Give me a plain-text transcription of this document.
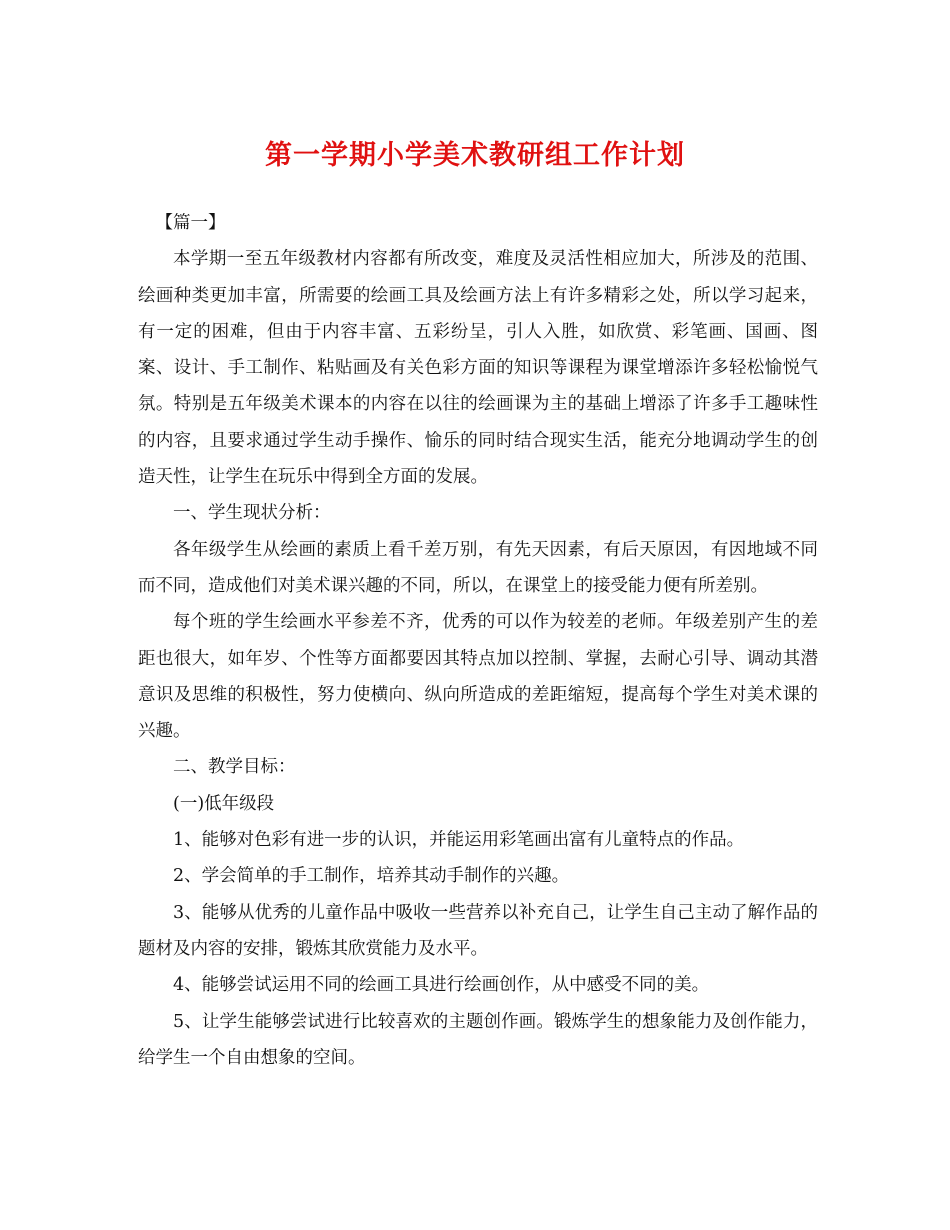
第一学期小学美术教研组工作计划

【篇一】

本学期一至五年级教材内容都有所改变，难度及灵活性相应加大，所涉及的范围、绘画种类更加丰富，所需要的绘画工具及绘画方法上有许多精彩之处，所以学习起来，有一定的困难，但由于内容丰富、五彩纷呈，引人入胜，如欣赏、彩笔画、国画、图案、设计、手工制作、粘贴画及有关色彩方面的知识等课程为课堂增添许多轻松愉悦气氛。特别是五年级美术课本的内容在以往的绘画课为主的基础上增添了许多手工趣味性的内容，且要求通过学生动手操作、愉乐的同时结合现实生活，能充分地调动学生的创造天性，让学生在玩乐中得到全方面的发展。

一、学生现状分析：

各年级学生从绘画的素质上看千差万别，有先天因素，有后天原因，有因地域不同而不同，造成他们对美术课兴趣的不同，所以，在课堂上的接受能力便有所差别。

每个班的学生绘画水平参差不齐，优秀的可以作为较差的老师。年级差别产生的差距也很大，如年岁、个性等方面都要因其特点加以控制、掌握，去耐心引导、调动其潜意识及思维的积极性，努力使横向、纵向所造成的差距缩短，提高每个学生对美术课的兴趣。

二、教学目标：

(一)低年级段

1、能够对色彩有进一步的认识，并能运用彩笔画出富有儿童特点的作品。

2、学会简单的手工制作，培养其动手制作的兴趣。

3、能够从优秀的儿童作品中吸收一些营养以补充自己，让学生自己主动了解作品的题材及内容的安排，锻炼其欣赏能力及水平。

4、能够尝试运用不同的绘画工具进行绘画创作，从中感受不同的美。

5、让学生能够尝试进行比较喜欢的主题创作画。锻炼学生的想象能力及创作能力，给学生一个自由想象的空间。
